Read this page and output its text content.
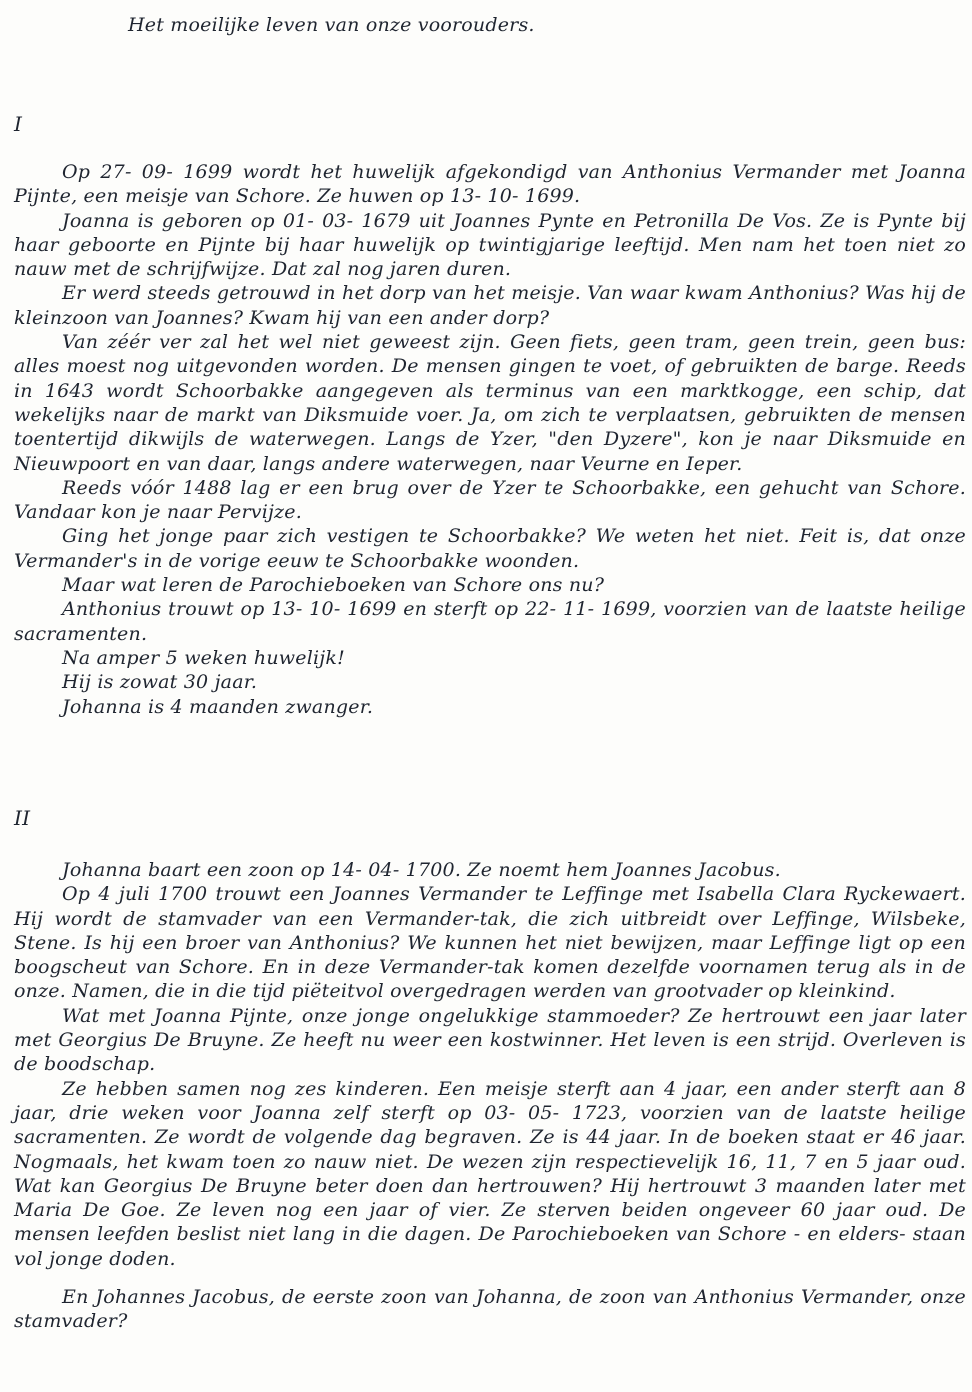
Het moeilijke leven van onze voorouders.
I

Op 27- 09- 1699 wordt het huwelijk afgekondigd van Anthonius Vermander met Joanna Pijnte, een meisje van Schore. Ze huwen op 13- 10- 1699.

Joanna is geboren op 01- 03- 1679 uit Joannes Pynte en Petronilla De Vos. Ze is Pynte bij haar geboorte en Pijnte bij haar huwelijk op twintigjarige leeftijd. Men nam het toen niet zo nauw met de schrijfwijze. Dat zal nog jaren duren.

Er werd steeds getrouwd in het dorp van het meisje. Van waar kwam Anthonius? Was hij de kleinzoon van Joannes? Kwam hij van een ander dorp?

Van zéér ver zal het wel niet geweest zijn. Geen fiets, geen tram, geen trein, geen bus: alles moest nog uitgevonden worden. De mensen gingen te voet, of gebruikten de barge. Reeds in 1643 wordt Schoorbakke aangegeven als terminus van een marktkogge, een schip, dat wekelijks naar de markt van Diksmuide voer. Ja, om zich te verplaatsen, gebruikten de mensen toentertijd dikwijls de waterwegen. Langs de Yzer, "den Dyzere", kon je naar Diksmuide en Nieuwpoort en van daar, langs andere waterwegen, naar Veurne en Ieper.

Reeds vóór 1488 lag er een brug over de Yzer te Schoorbakke, een gehucht van Schore. Vandaar kon je naar Pervijze.

Ging het jonge paar zich vestigen te Schoorbakke? We weten het niet. Feit is, dat onze Vermander's in de vorige eeuw te Schoorbakke woonden.

Maar wat leren de Parochieboeken van Schore ons nu?

Anthonius trouwt op 13- 10- 1699 en sterft op 22- 11- 1699, voorzien van de laatste heilige sacramenten.

Na amper 5 weken huwelijk!

Hij is zowat 30 jaar.

Johanna is 4 maanden zwanger.

II

Johanna baart een zoon op 14- 04- 1700. Ze noemt hem Joannes Jacobus.

Op 4 juli 1700 trouwt een Joannes Vermander te Leffinge met Isabella Clara Ryckewaert. Hij wordt de stamvader van een Vermander-tak, die zich uitbreidt over Leffinge, Wilsbeke, Stene. Is hij een broer van Anthonius? We kunnen het niet bewijzen, maar Leffinge ligt op een boogscheut van Schore. En in deze Vermander-tak komen dezelfde voornamen terug als in de onze. Namen, die in die tijd piëteitvol overgedragen werden van grootvader op kleinkind.

Wat met Joanna Pijnte, onze jonge ongelukkige stammoeder? Ze hertrouwt een jaar later met Georgius De Bruyne. Ze heeft nu weer een kostwinner. Het leven is een strijd. Overleven is de boodschap.

Ze hebben samen nog zes kinderen. Een meisje sterft aan 4 jaar, een ander sterft aan 8 jaar, drie weken voor Joanna zelf sterft op 03- 05- 1723, voorzien van de laatste heilige sacramenten. Ze wordt de volgende dag begraven. Ze is 44 jaar. In de boeken staat er 46 jaar. Nogmaals, het kwam toen zo nauw niet. De wezen zijn respectievelijk 16, 11, 7 en 5 jaar oud. Wat kan Georgius De Bruyne beter doen dan hertrouwen? Hij hertrouwt 3 maanden later met Maria De Goe. Ze leven nog een jaar of vier. Ze sterven beiden ongeveer 60 jaar oud. De mensen leefden beslist niet lang in die dagen. De Parochieboeken van Schore - en elders- staan vol jonge doden.

En Johannes Jacobus, de eerste zoon van Johanna, de zoon van Anthonius Vermander, onze stamvader?
